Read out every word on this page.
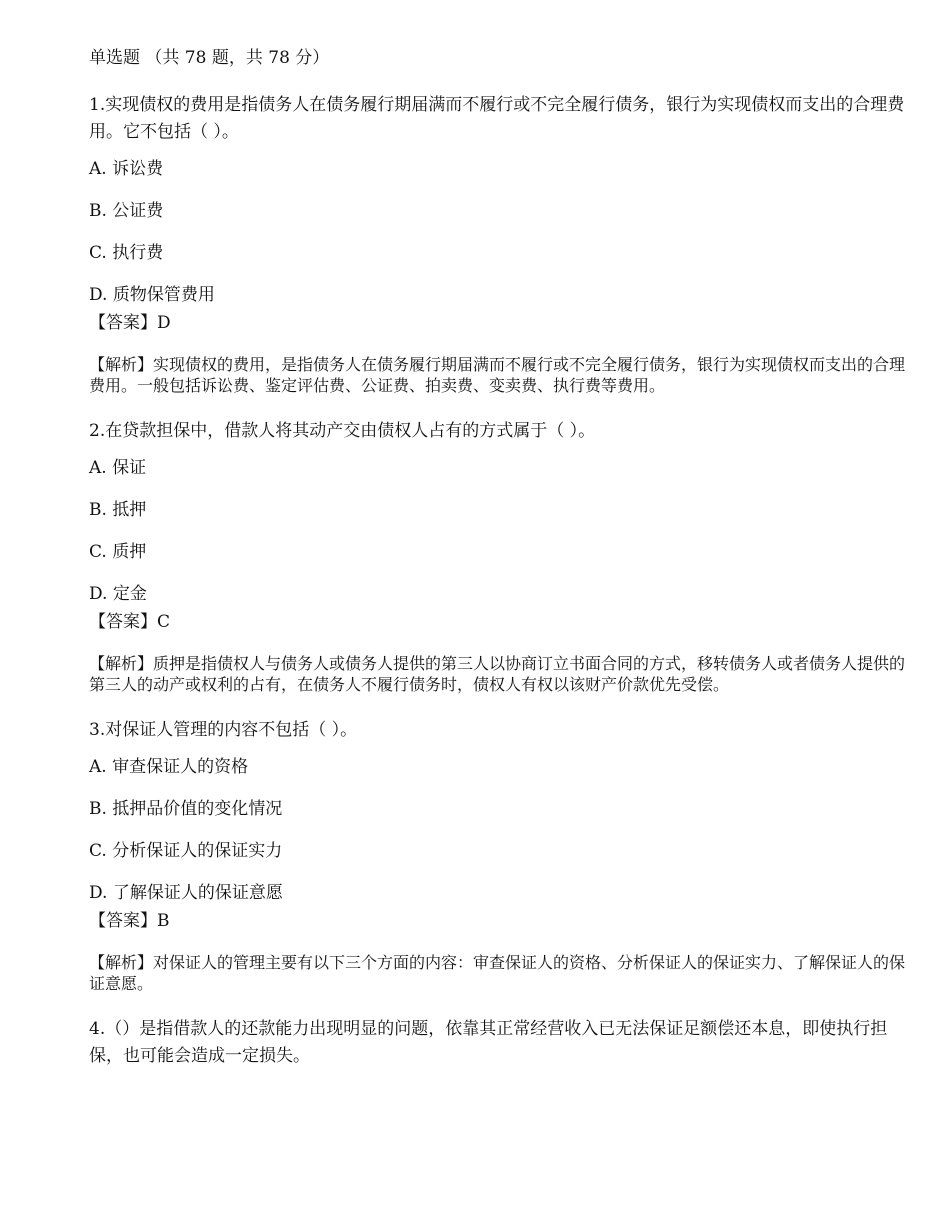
单选题 （共 78 题，共 78 分）
1.实现债权的费用是指债务人在债务履行期届满而不履行或不完全履行债务，银行为实现债权而支出的合理费用。它不包括（ ）。
A. 诉讼费
B. 公证费
C. 执行费
D. 质物保管费用
【答案】D
【解析】实现债权的费用，是指债务人在债务履行期届满而不履行或不完全履行债务，银行为实现债权而支出的合理费用。一般包括诉讼费、鉴定评估费、公证费、拍卖费、变卖费、执行费等费用。
2.在贷款担保中，借款人将其动产交由债权人占有的方式属于（ ）。
A. 保证
B. 抵押
C. 质押
D. 定金
【答案】C
【解析】质押是指债权人与债务人或债务人提供的第三人以协商订立书面合同的方式，移转债务人或者债务人提供的第三人的动产或权利的占有，在债务人不履行债务时，债权人有权以该财产价款优先受偿。
3.对保证人管理的内容不包括（ ）。
A. 审查保证人的资格
B. 抵押品价值的变化情况
C. 分析保证人的保证实力
D. 了解保证人的保证意愿
【答案】B
【解析】对保证人的管理主要有以下三个方面的内容：审查保证人的资格、分析保证人的保证实力、了解保证人的保证意愿。
4.（）是指借款人的还款能力出现明显的问题，依靠其正常经营收入已无法保证足额偿还本息，即使执行担保，也可能会造成一定损失。
